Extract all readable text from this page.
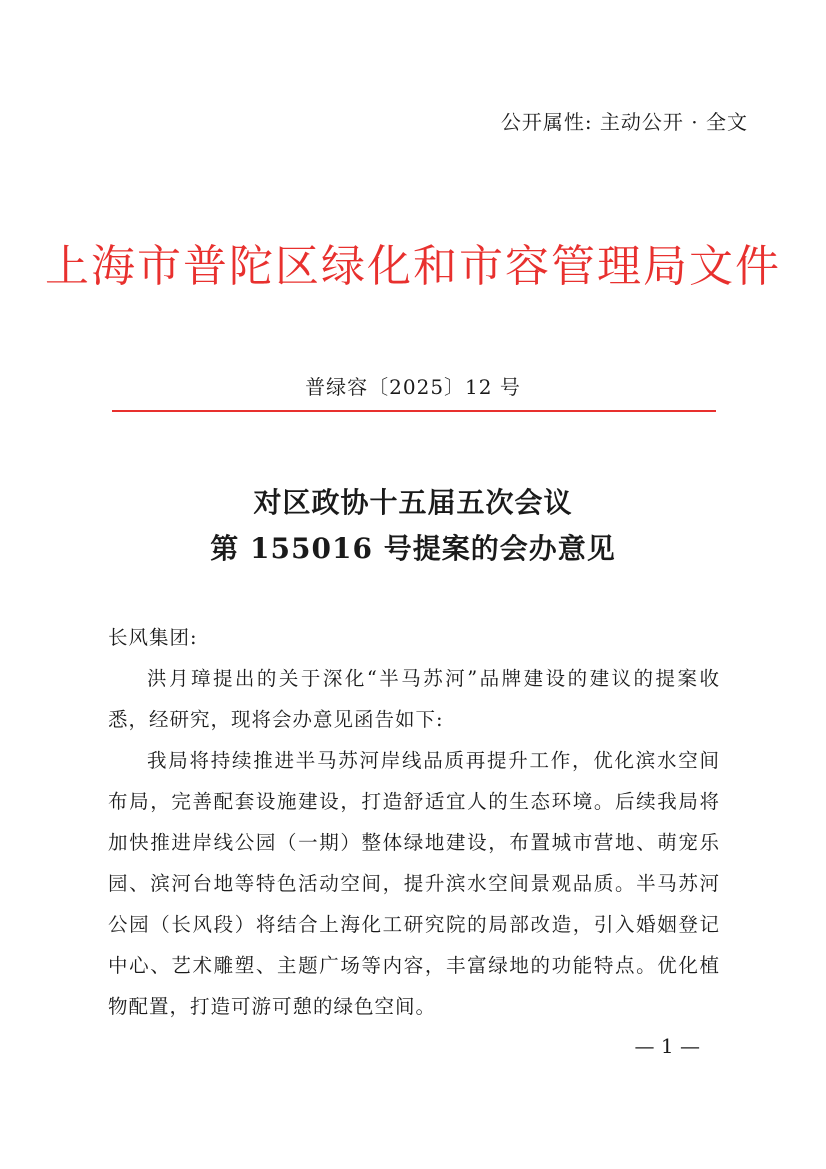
公开属性: 主动公开 · 全文
上海市普陀区绿化和市容管理局文件
普绿容〔2025〕12 号
对区政协十五届五次会议
第 155016 号提案的会办意见

长风集团:

洪月璋提出的关于深化“半马苏河”品牌建设的建议的提案收悉，经研究，现将会办意见函告如下:

我局将持续推进半马苏河岸线品质再提升工作，优化滨水空间布局，完善配套设施建设，打造舒适宜人的生态环境。后续我局将加快推进岸线公园（一期）整体绿地建设，布置城市营地、萌宠乐园、滨河台地等特色活动空间，提升滨水空间景观品质。半马苏河公园（长风段）将结合上海化工研究院的局部改造，引入婚姻登记中心、艺术雕塑、主题广场等内容，丰富绿地的功能特点。优化植物配置，打造可游可憩的绿色空间。

— 1 —
